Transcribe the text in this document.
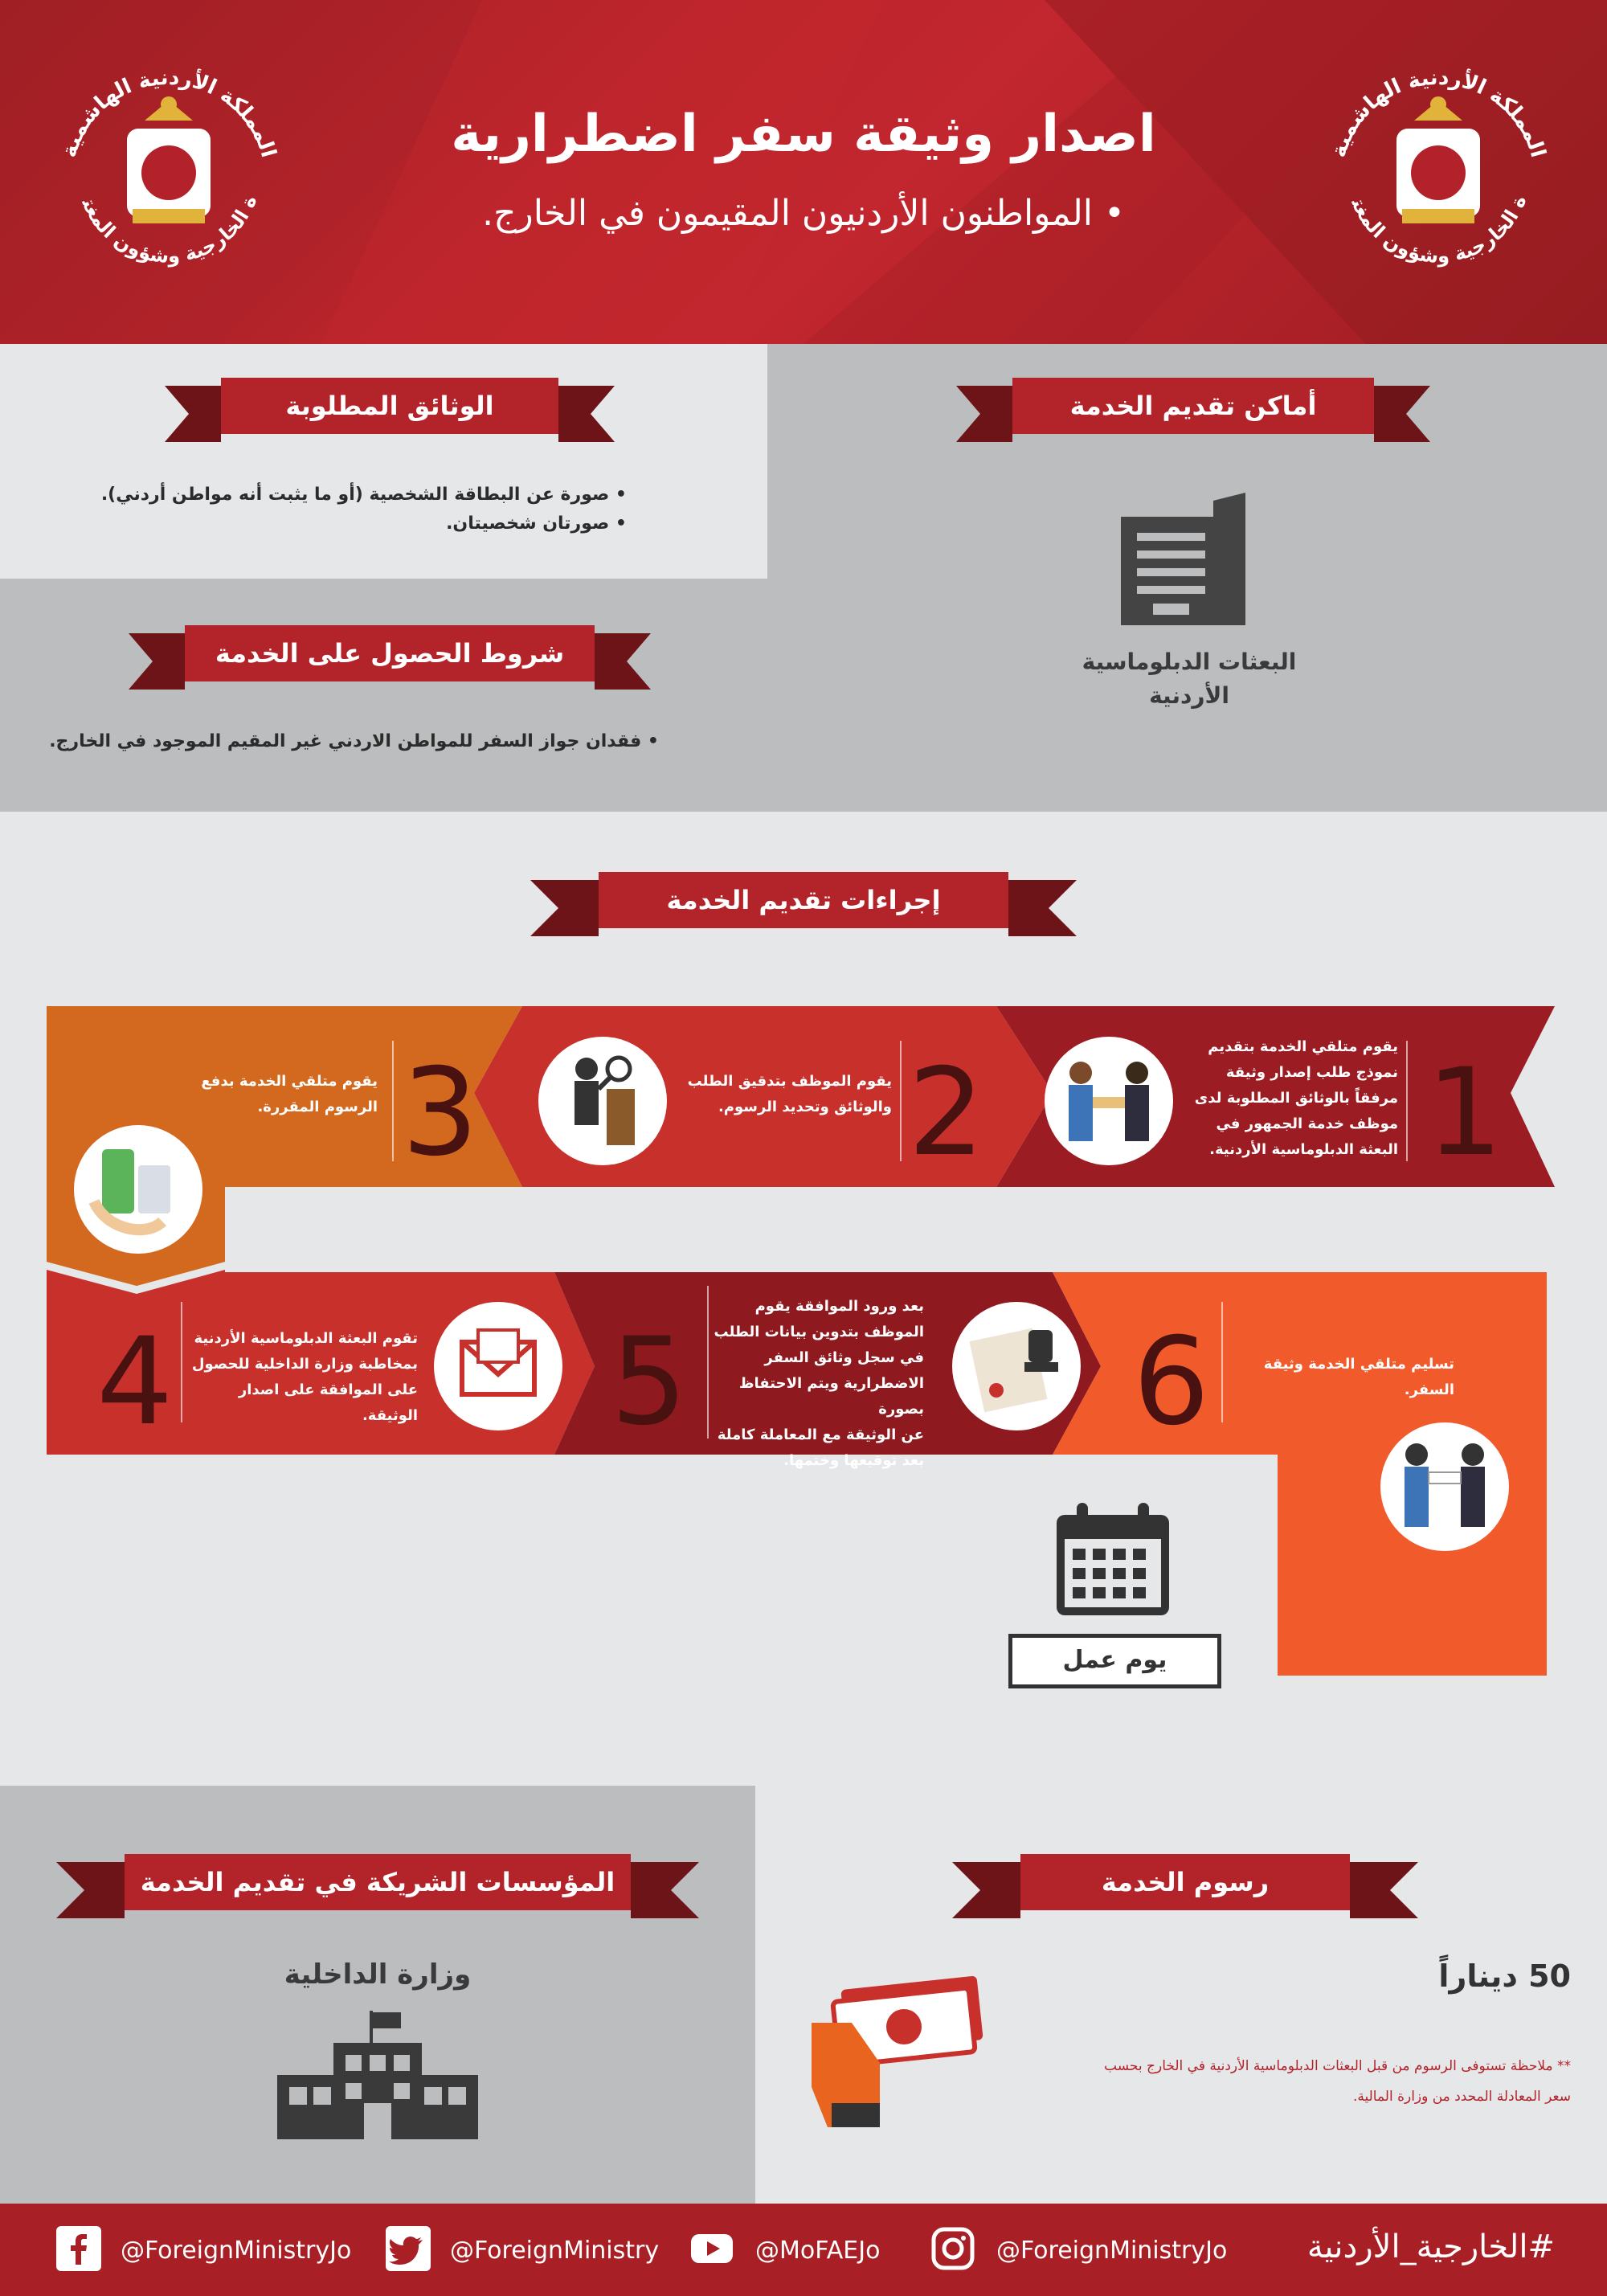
المملكة الأردنية الهاشمية
ة الخارجية وشؤون المغت
المملكة الأردنية الهاشمية
ة الخارجية وشؤون المغت
اصدار وثيقة سفر اضطرارية
• المواطنون الأردنيون المقيمون في الخارج.
الوثائق المطلوبة
• صورة عن البطاقة الشخصية (أو ما يثبت أنه مواطن أردني).
• صورتان شخصيتان.
شروط الحصول على الخدمة
• فقدان جواز السفر للمواطن الاردني غير المقيم الموجود في الخارج.
أماكن تقديم الخدمة
البعثات الدبلوماسية
الأردنية
إجراءات تقديم الخدمة
1
يقوم متلقي الخدمة بتقديم
نموذج طلب إصدار وثيقة
مرفقاً بالوثائق المطلوبة لدى
موظف خدمة الجمهور في
البعثة الدبلوماسية الأردنية.
2
يقوم الموظف بتدقيق الطلب
والوثائق وتحديد الرسوم.
3
يقوم متلقي الخدمة بدفع
الرسوم المقررة.
4	تقوم البعثة الدبلوماسية الأردنية
بمخاطبة وزارة الداخلية للحصول
على الموافقة على اصدار الوثيقة. 5
بعد ورود الموافقة يقوم
الموظف بتدوين بيانات الطلب
في سجل وثائق السفر
الاضطرارية ويتم الاحتفاظ بصورة
عن الوثيقة مع المعاملة كاملة
بعد توقيعها وختمها.
6	تسليم متلقي الخدمة وثيقة السفر.
يوم عمل
المؤسسات الشريكة في تقديم الخدمة
وزارة الداخلية
رسوم الخدمة
50 ديناراً
** ملاحظة تستوفى الرسوم من قبل البعثات الدبلوماسية الأردنية في الخارج بحسب
سعر المعادلة المحدد من وزارة المالية.
@ForeignMinistryJo	@ForeignMinistry	@MoFAEJo	@ForeignMinistryJo	#الخارجية_الأردنية
